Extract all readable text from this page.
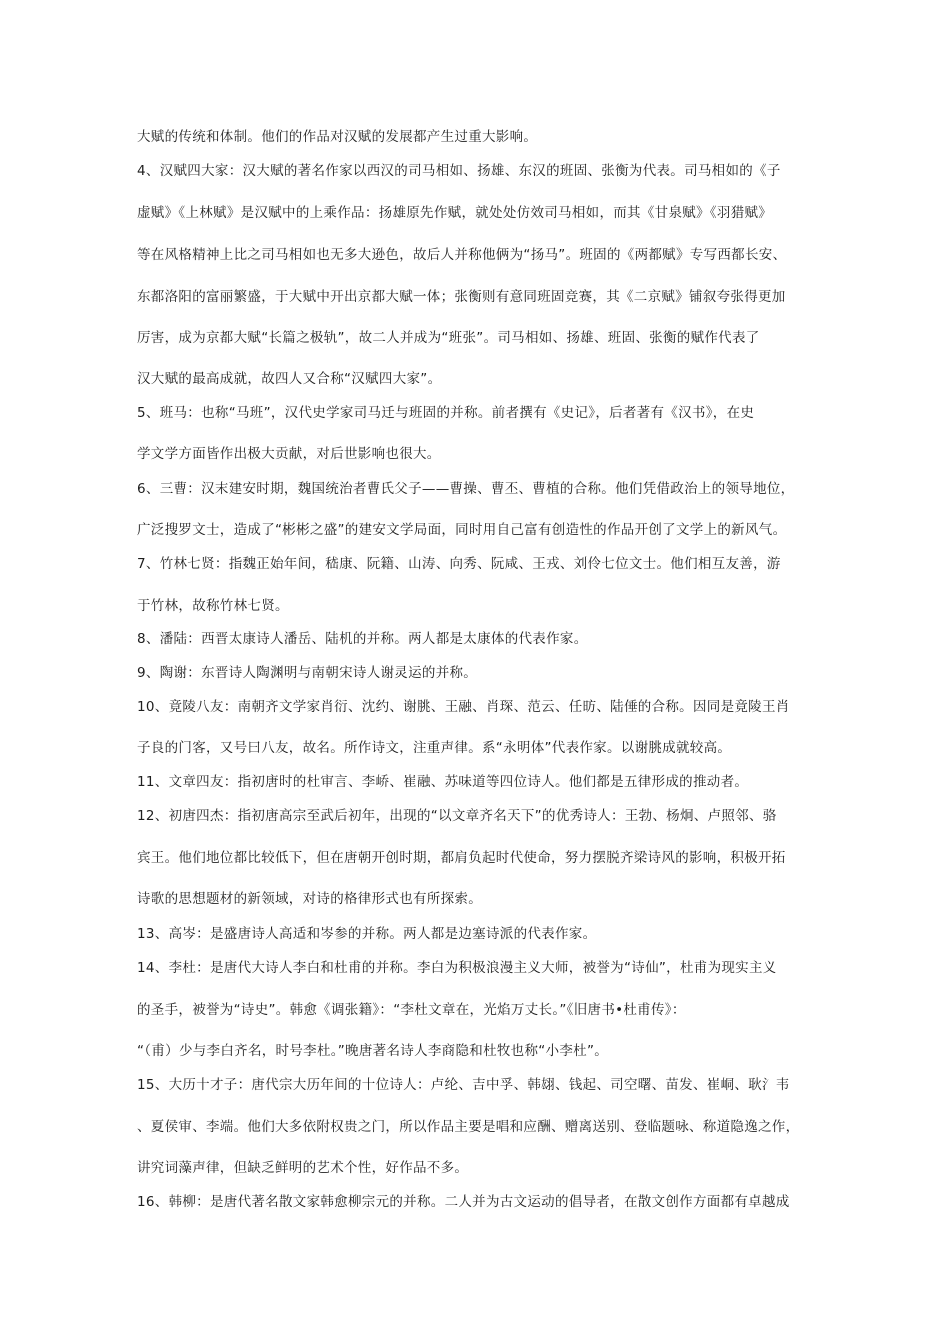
大赋的传统和体制。他们的作品对汉赋的发展都产生过重大影响。
4、汉赋四大家：汉大赋的著名作家以西汉的司马相如、扬雄、东汉的班固、张衡为代表。司马相如的《子
虚赋》《上林赋》是汉赋中的上乘作品：扬雄原先作赋，就处处仿效司马相如，而其《甘泉赋》《羽猎赋》
等在风格精神上比之司马相如也无多大逊色，故后人并称他俩为“扬马”。班固的《两都赋》专写西都长安、
东都洛阳的富丽繁盛，于大赋中开出京都大赋一体；张衡则有意同班固竞赛，其《二京赋》铺叙夸张得更加
厉害，成为京都大赋“长篇之极轨”，故二人并成为“班张”。司马相如、扬雄、班固、张衡的赋作代表了
汉大赋的最高成就，故四人又合称“汉赋四大家”。
5、班马：也称“马班”，汉代史学家司马迁与班固的并称。前者撰有《史记》，后者著有《汉书》，在史
学文学方面皆作出极大贡献，对后世影响也很大。
6、三曹：汉末建安时期，魏国统治者曹氏父子——曹操、曹丕、曹植的合称。他们凭借政治上的领导地位，
广泛搜罗文士，造成了“彬彬之盛”的建安文学局面，同时用自己富有创造性的作品开创了文学上的新风气。
7、竹林七贤：指魏正始年间，嵇康、阮籍、山涛、向秀、阮咸、王戎、刘伶七位文士。他们相互友善，游
于竹林，故称竹林七贤。
8、潘陆：西晋太康诗人潘岳、陆机的并称。两人都是太康体的代表作家。
9、陶谢：东晋诗人陶渊明与南朝宋诗人谢灵运的并称。
10、竟陵八友：南朝齐文学家肖衍、沈约、谢朓、王融、肖琛、范云、任昉、陆倕的合称。因同是竟陵王肖
子良的门客，又号曰八友，故名。所作诗文，注重声律。系“永明体”代表作家。以谢朓成就较高。
11、文章四友：指初唐时的杜审言、李峤、崔融、苏味道等四位诗人。他们都是五律形成的推动者。
12、初唐四杰：指初唐高宗至武后初年，出现的“以文章齐名天下”的优秀诗人：王勃、杨炯、卢照邻、骆
宾王。他们地位都比较低下，但在唐朝开创时期，都肩负起时代使命，努力摆脱齐梁诗风的影响，积极开拓
诗歌的思想题材的新领域，对诗的格律形式也有所探索。
13、高岑：是盛唐诗人高适和岑参的并称。两人都是边塞诗派的代表作家。
14、李杜：是唐代大诗人李白和杜甫的并称。李白为积极浪漫主义大师，被誉为“诗仙”，杜甫为现实主义
的圣手，被誉为“诗史”。韩愈《调张籍》：“李杜文章在，光焰万丈长。”《旧唐书•杜甫传》：
“（甫）少与李白齐名，时号李杜。”晚唐著名诗人李商隐和杜牧也称“小李杜”。
15、大历十才子：唐代宗大历年间的十位诗人：卢纶、吉中孚、韩翃、钱起、司空曙、苗发、崔峒、耿氵韦
、夏侯审、李端。他们大多依附权贵之门，所以作品主要是唱和应酬、赠离送别、登临题咏、称道隐逸之作，
讲究词藻声律，但缺乏鲜明的艺术个性，好作品不多。
16、韩柳：是唐代著名散文家韩愈柳宗元的并称。二人并为古文运动的倡导者，在散文创作方面都有卓越成
